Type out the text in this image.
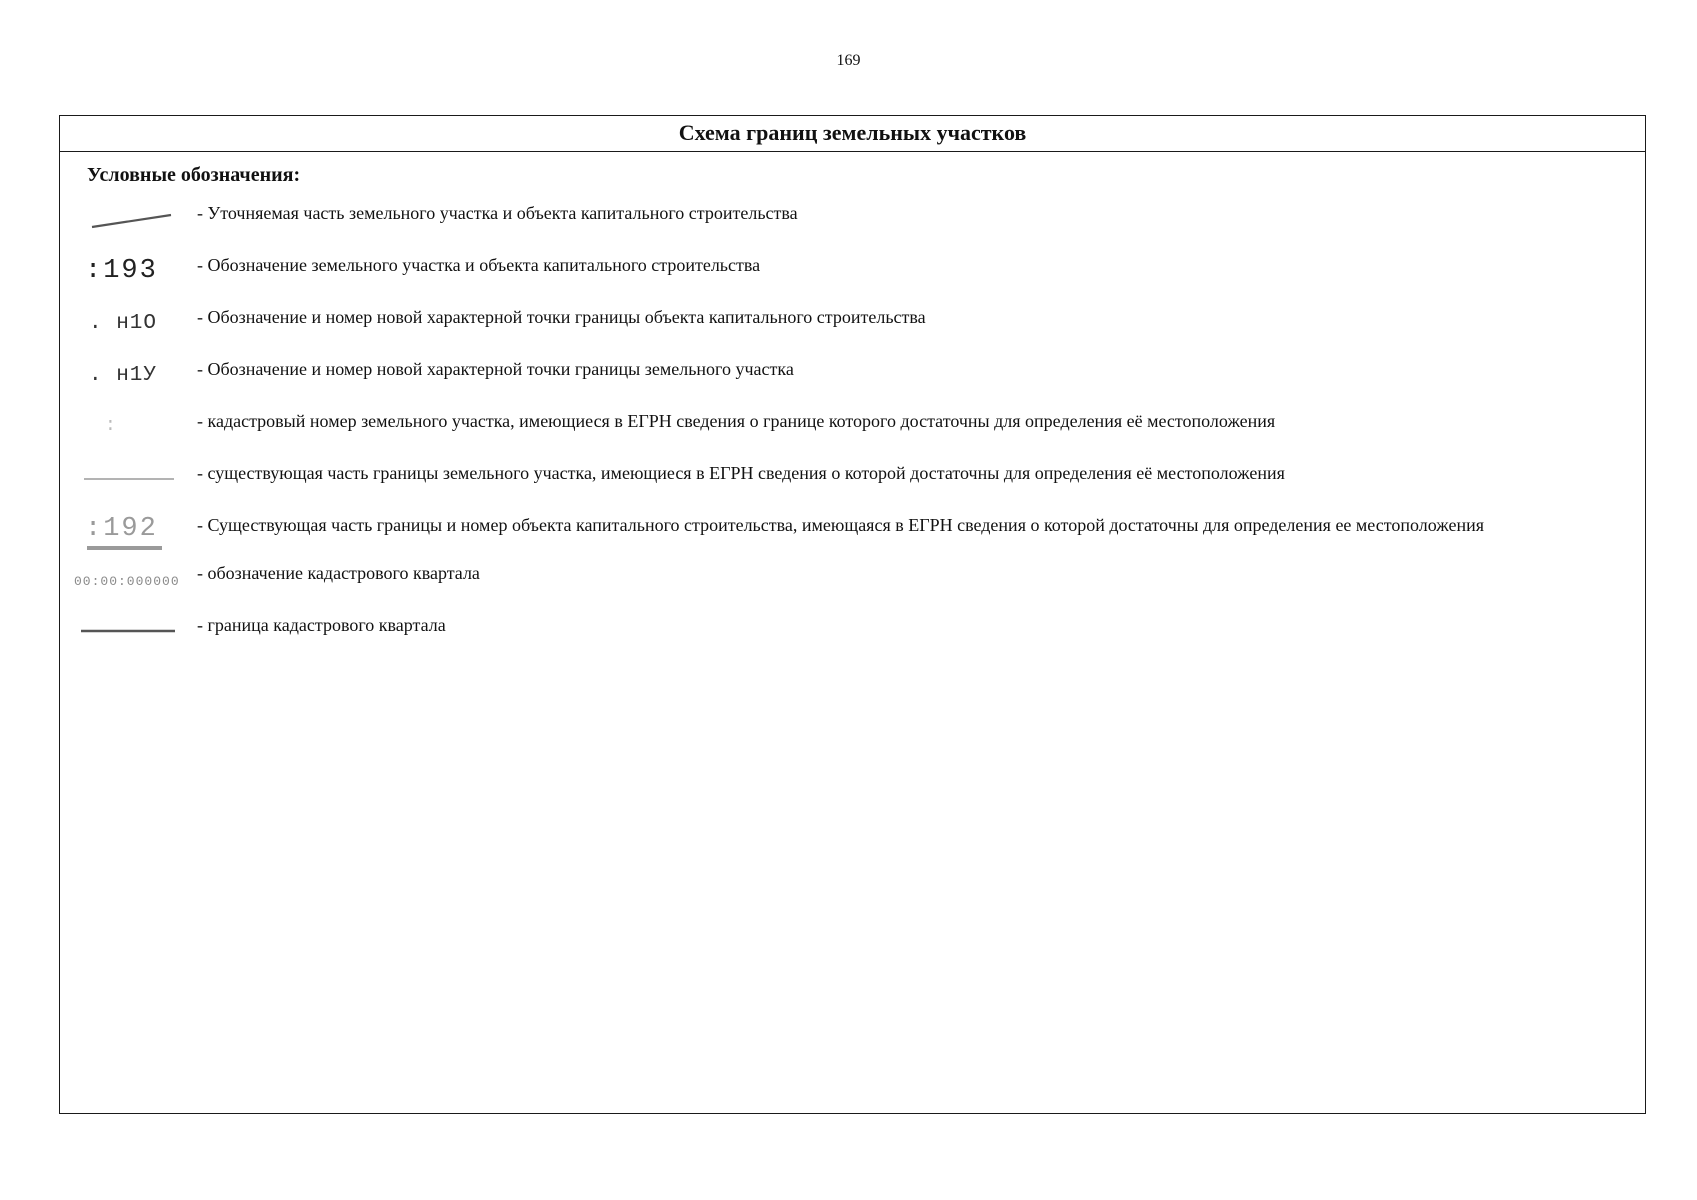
169
Схема границ земельных участков
Условные обозначения:
- Уточняемая часть земельного участка и объекта капитального строительства
:193 - Обозначение земельного участка и объекта капитального строительства
. н1О - Обозначение и номер новой характерной точки границы объекта капитального строительства
. н1У - Обозначение и номер новой характерной точки границы земельного участка
:	- кадастровый номер земельного участка, имеющиеся в ЕГРН сведения о границе которого достаточны для определения её местоположения
- существующая часть границы земельного участка, имеющиеся в ЕГРН сведения о которой достаточны для определения её местоположения
:192 - Существующая часть границы и номер объекта капитального строительства, имеющаяся в ЕГРН сведения о которой достаточны для определения ее местоположения
00:00:000000 - обозначение кадастрового квартала
- граница кадастрового квартала
